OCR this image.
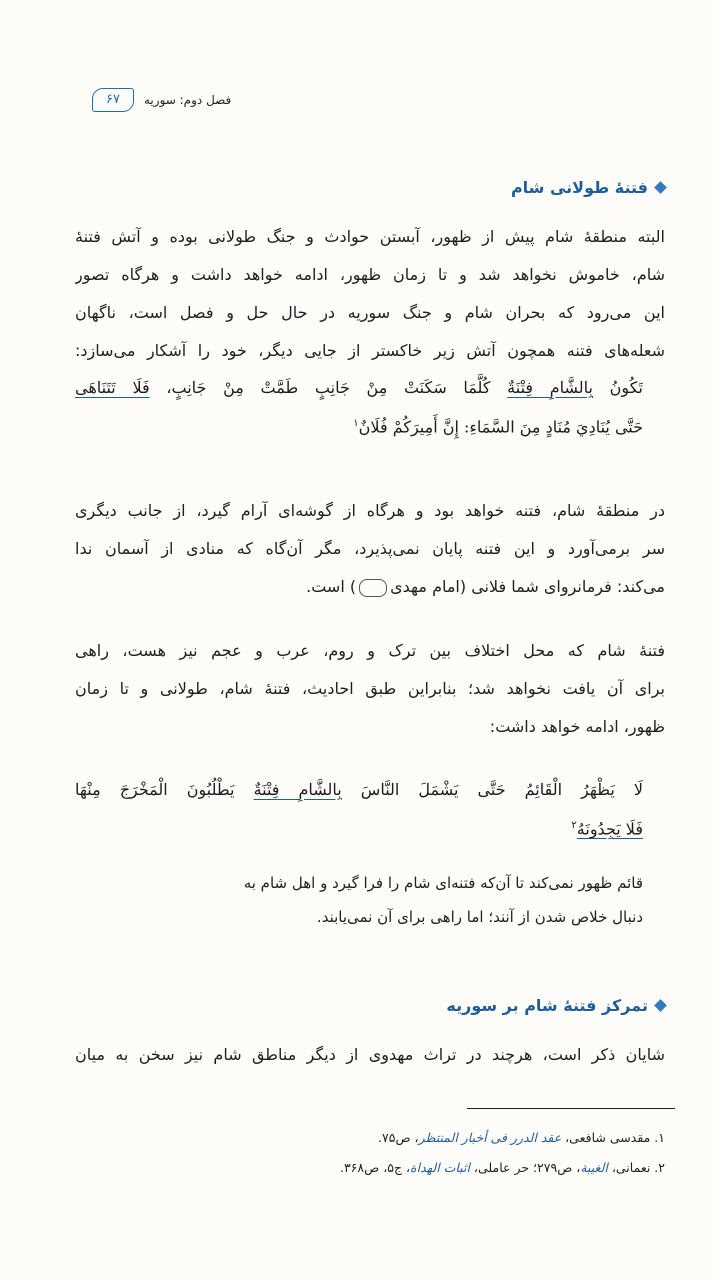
۶۷	فصل دوم: سوریه
فتنۀ طولانی شام
البته منطقۀ شام پیش از ظهور، آبستن حوادث و جنگ طولانی بوده و آتش فتنۀ
شام، خاموش نخواهد شد و تا زمان ظهور، ادامه خواهد داشت و هرگاه تصور
این می‌رود که بحران شام و جنگ سوریه در حال حل و فصل است، ناگهان
شعله‌های فتنه همچون آتش زیر خاکستر از جایی دیگر، خود را آشکار می‌سازد:
تَكُونُ بِالشَّامِ فِتْنَةٌ كُلَّمَا سَكَنَتْ مِنْ جَانِبٍ طَمَّتْ مِنْ جَانِبٍ، فَلَا تَتَنَاهَى
حَتَّى يُنَادِيَ مُنَادٍ مِنَ السَّمَاءِ: إِنَّ أَمِيرَكُمْ فُلَانٌ$^۱$
در منطقۀ شام، فتنه خواهد بود و هرگاه از گوشه‌ای آرام گیرد، از جانب دیگری
سر برمی‌آورد و این فتنه پایان نمی‌پذیرد، مگر آن‌گاه که منادی از آسمان ندا
می‌کند: فرمانروای شما فلانی (امام مهدی) است.
فتنۀ شام که محل اختلاف بین ترک و روم، عرب و عجم نیز هست، راهی
برای آن یافت نخواهد شد؛ بنابراین طبق احادیث، فتنۀ شام، طولانی و تا زمان
ظهور، ادامه خواهد داشت:
لَا يَظْهَرُ الْقَائِمُ حَتَّى يَشْمَلَ النَّاسَ بِالشَّامِ فِتْنَةٌ يَطْلُبُونَ الْمَخْرَجَ مِنْهَا
فَلَا يَجِدُونَهُ$^۲$
قائم ظهور نمی‌کند تا آن‌که فتنه‌ای شام را فرا گیرد و اهل شام به
دنبال خلاص شدن از آنند؛ اما راهی برای آن نمی‌یابند.
تمرکز فتنۀ شام بر سوریه
شایان ذکر است، هرچند در تراث مهدوی از دیگر مناطق شام نیز سخن به میان
۱. مقدسی شافعی، عقد الدرر فی أخبار المنتظر، ص۷۵.
۲. نعمانی، الغیبة، ص۲۷۹؛ حر عاملی، اثبات الهداة، ج۵، ص۳۶۸.
